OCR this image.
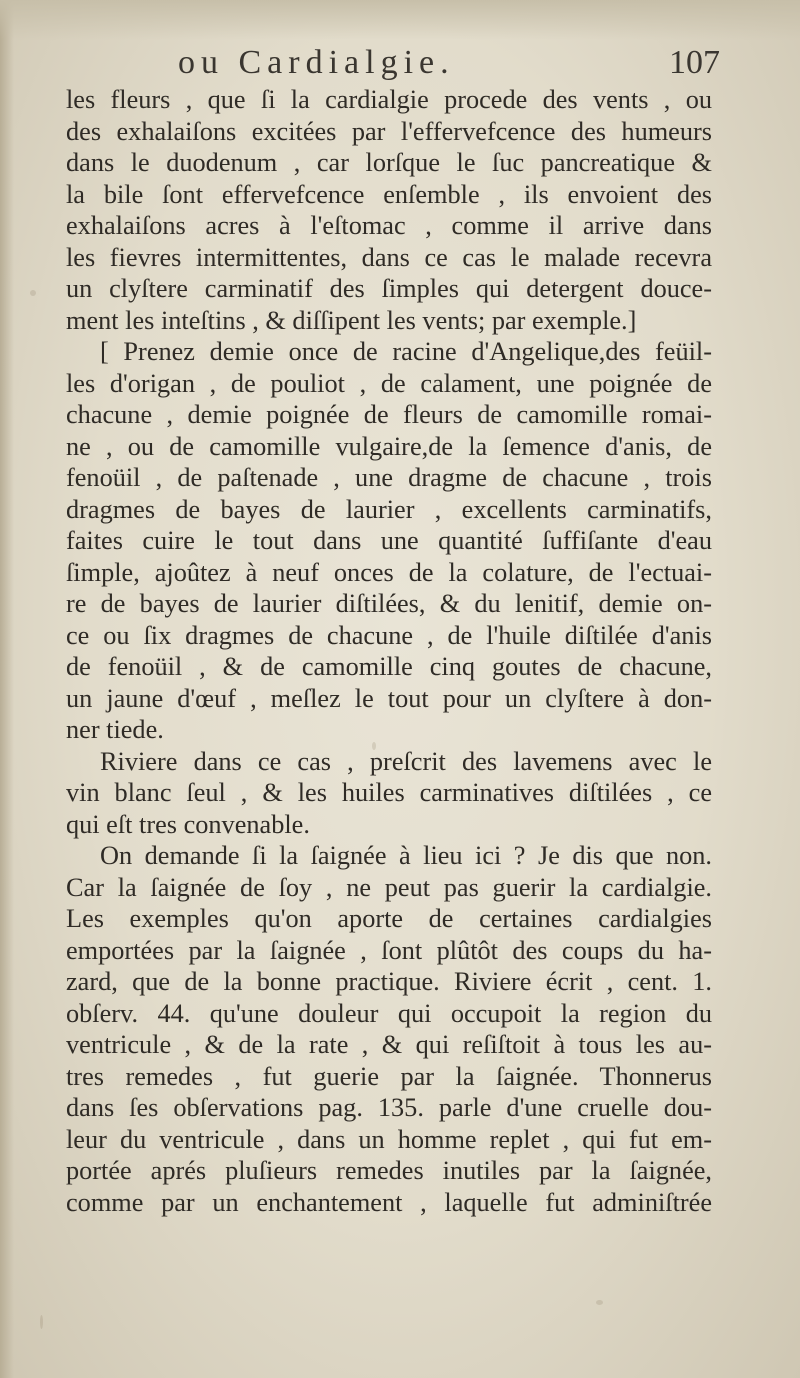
ou Cardialgie.	107
les fleurs , que ſi la cardialgie procede des vents , ou
des exhalaiſons excitées par l'effervefcence des humeurs
dans le duodenum , car lorſque le ſuc pancreatique &
la bile ſont effervefcence enſemble , ils envoient des
exhalaiſons acres à l'eſtomac , comme il arrive dans
les fievres intermittentes, dans ce cas le malade recevra
un clyſtere carminatif des ſimples qui detergent douce-
ment les inteſtins , & diſſipent les vents; par exemple.]
[ Prenez demie once de racine d'Angelique,des feüil-
les d'origan , de pouliot , de calament, une poignée de
chacune , demie poignée de fleurs de camomille romai-
ne , ou de camomille vulgaire,de la ſemence d'anis, de
fenoüil , de paſtenade , une dragme de chacune , trois
dragmes de bayes de laurier , excellents carminatifs,
faites cuire le tout dans une quantité ſuffiſante d'eau
ſimple, ajoûtez à neuf onces de la colature, de l'ectuai-
re de bayes de laurier diſtilées, & du lenitif, demie on-
ce ou ſix dragmes de chacune , de l'huile diſtilée d'anis
de fenoüil , & de camomille cinq goutes de chacune,
un jaune d'œuf , meſlez le tout pour un clyſtere à don-
ner tiede.
Riviere dans ce cas , preſcrit des lavemens avec le
vin blanc ſeul , & les huiles carminatives diſtilées , ce
qui eſt tres convenable.
On demande ſi la ſaignée à lieu ici ? Je dis que non.
Car la ſaignée de ſoy , ne peut pas guerir la cardialgie.
Les exemples qu'on aporte de certaines cardialgies
emportées par la ſaignée , ſont plûtôt des coups du ha-
zard, que de la bonne practique. Riviere écrit , cent. 1.
obſerv. 44. qu'une douleur qui occupoit la region du
ventricule , & de la rate , & qui reſiſtoit à tous les au-
tres remedes , fut guerie par la ſaignée. Thonnerus
dans ſes obſervations pag. 135. parle d'une cruelle dou-
leur du ventricule , dans un homme replet , qui fut em-
portée aprés pluſieurs remedes inutiles par la ſaignée,
comme par un enchantement , laquelle fut adminiſtrée
